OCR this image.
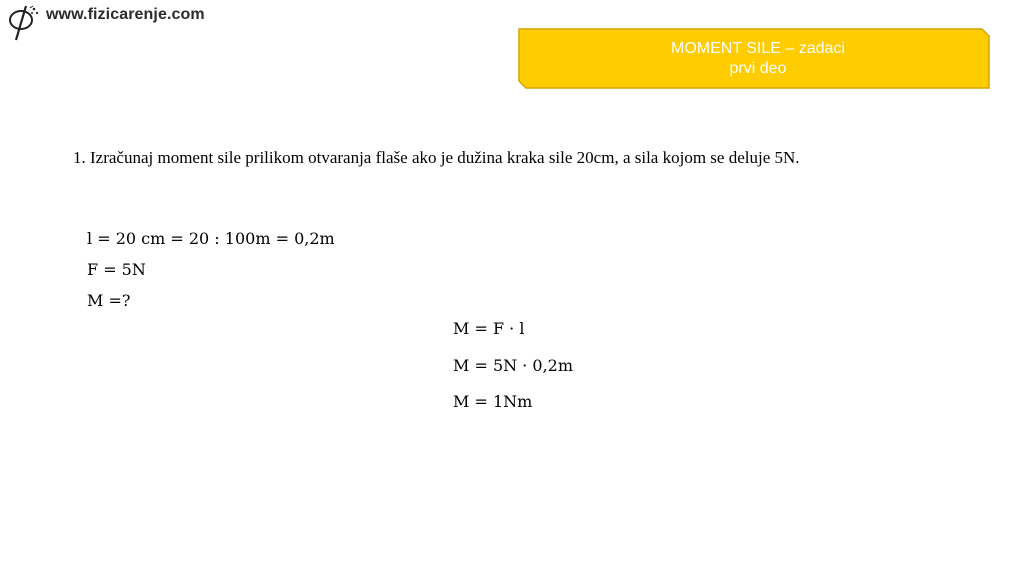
www.fizicarenje.com
MOMENT SILE – zadaci
prvi deo
1. Izračunaj moment sile prilikom otvaranja flaše ako je dužina kraka sile 20cm, a sila kojom se deluje 5N.
l = 20 cm = 20 : 100m = 0,2m
F = 5N
M =?
M = F · l
M = 5N · 0,2m
M = 1Nm
